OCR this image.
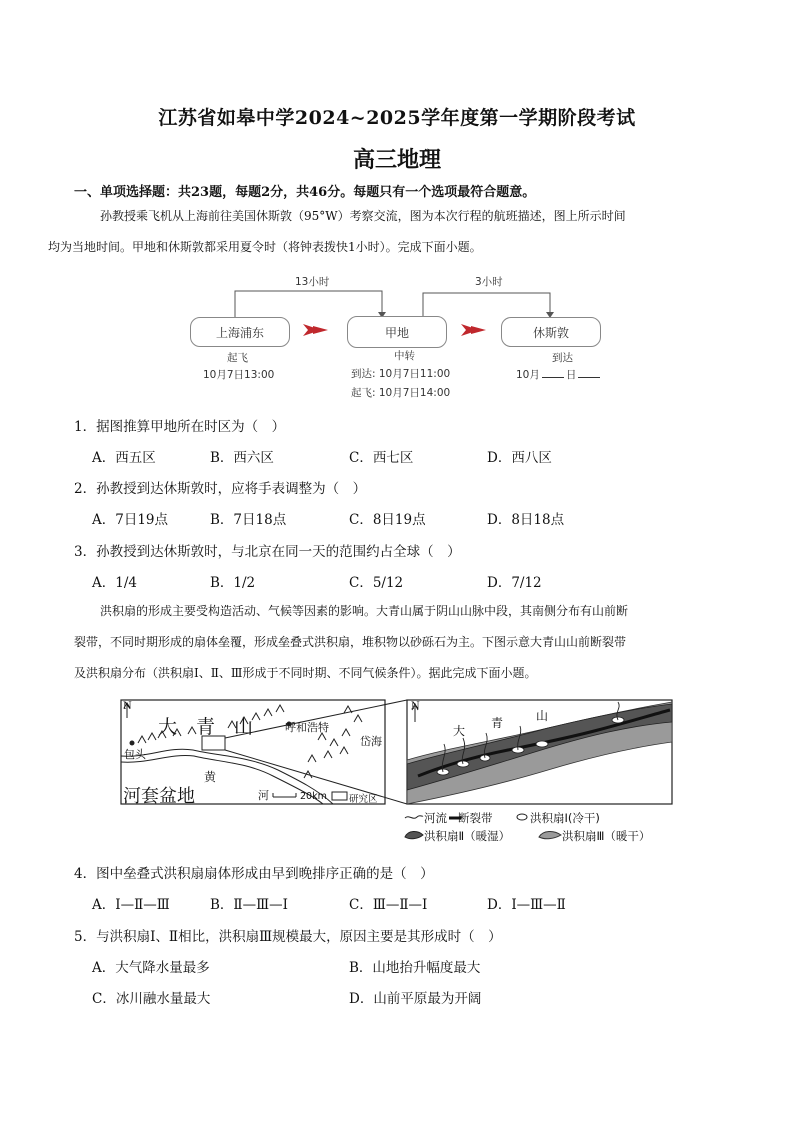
江苏省如皋中学2024~2025学年度第一学期阶段考试
高三地理
一、单项选择题：共23题，每题2分，共46分。每题只有一个选项最符合题意。
孙教授乘飞机从上海前往美国休斯敦（95°W）考察交流，图为本次行程的航班描述，图上所示时间
均为当地时间。甲地和休斯敦都采用夏令时（将钟表拨快1小时）。完成下面小题。
13小时	3小时
上海浦东	甲地	休斯敦
起飞
10月7日13:00
中转
到达: 10月7日11:00
起飞: 10月7日14:00
到达
10月 日
1．据图推算甲地所在时区为（　）
A．西五区	B．西六区	C．西七区	D．西八区
2．孙教授到达休斯敦时，应将手表调整为（　）
A．7日19点	B．7日18点	C．8日19点	D．8日18点
3．孙教授到达休斯敦时，与北京在同一天的范围约占全球（　）
A．1/4	B．1/2	C．5/12	D．7/12
洪积扇的形成主要受构造活动、气候等因素的影响。大青山属于阴山山脉中段，其南侧分布有山前断
裂带，不同时期形成的扇体垒覆，形成垒叠式洪积扇，堆积物以砂砾石为主。下图示意大青山山前断裂带
及洪积扇分布（洪积扇Ⅰ、Ⅱ、Ⅲ形成于不同时期、不同气候条件）。据此完成下面小题。
大　青　山
N
呼和浩特
包头
岱海
黄
河
河套盆地	20km 研究区
N
大
青	山
河流 断裂带	洪积扇Ⅰ(冷干)
洪积扇Ⅱ（暖湿）	洪积扇Ⅲ（暖干）
4．图中垒叠式洪积扇扇体形成由早到晚排序正确的是（　）
A．Ⅰ—Ⅱ—Ⅲ	B．Ⅱ—Ⅲ—Ⅰ	C．Ⅲ—Ⅱ—Ⅰ	D．Ⅰ—Ⅲ—Ⅱ
5．与洪积扇Ⅰ、Ⅱ相比，洪积扇Ⅲ规模最大，原因主要是其形成时（　）
A．大气降水量最多	B．山地抬升幅度最大
C．冰川融水量最大	D．山前平原最为开阔
